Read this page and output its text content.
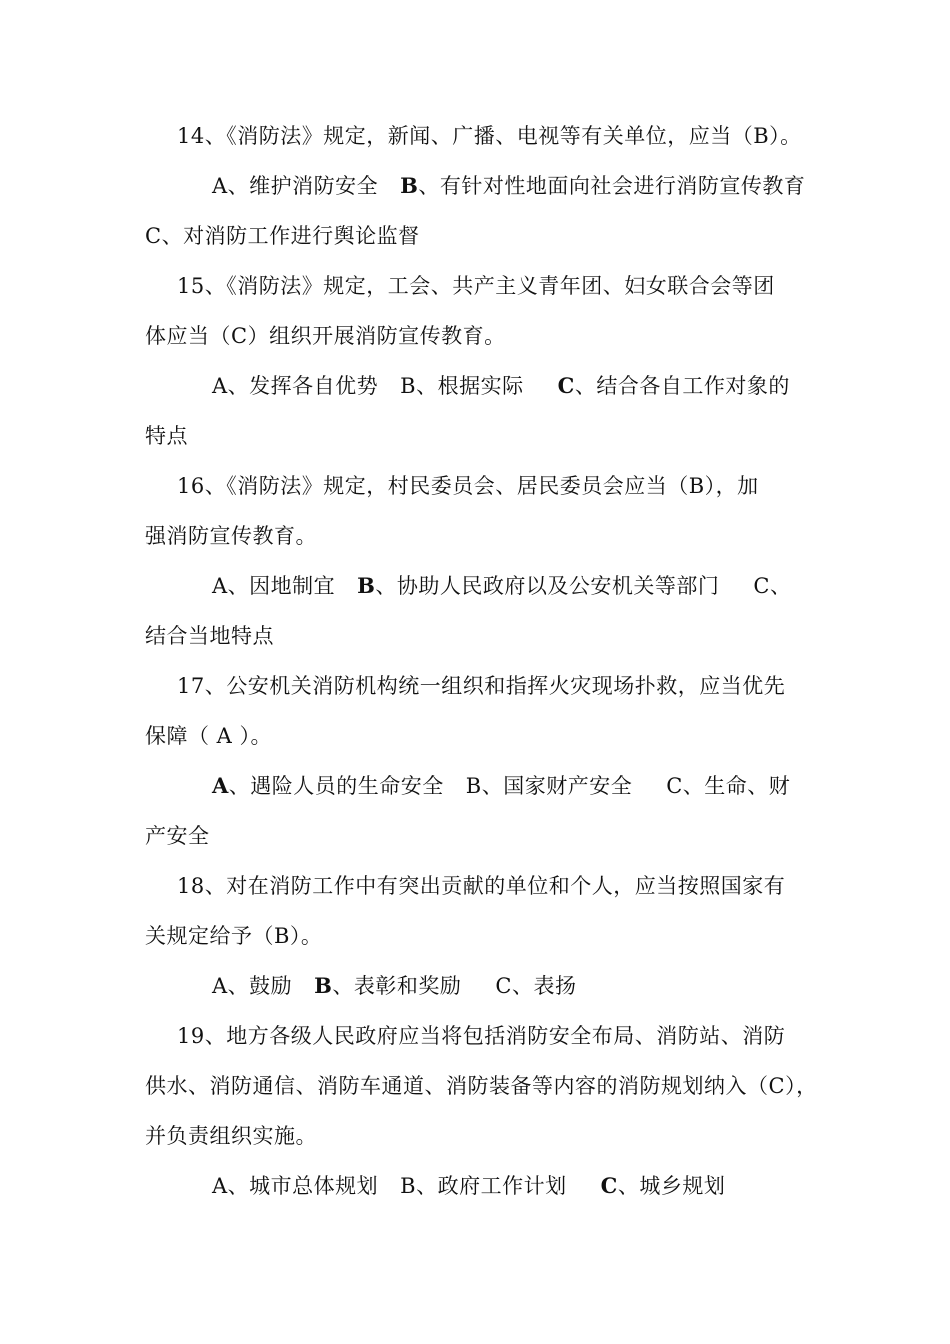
14、《消防法》规定，新闻、广播、电视等有关单位，应当（B）。
A、维护消防安全 B、有针对性地面向社会进行消防宣传教育
C、对消防工作进行舆论监督
15、《消防法》规定，工会、共产主义青年团、妇女联合会等团
体应当（C）组织开展消防宣传教育。
A、发挥各自优势 B、根据实际 C、结合各自工作对象的
特点
16、《消防法》规定，村民委员会、居民委员会应当（B），加
强消防宣传教育。
A、因地制宜 B、协助人民政府以及公安机关等部门 C、
结合当地特点
17、公安机关消防机构统一组织和指挥火灾现场扑救，应当优先
保障（ A ）。
A、遇险人员的生命安全 B、国家财产安全 C、生命、财
产安全
18、对在消防工作中有突出贡献的单位和个人，应当按照国家有
关规定给予（B）。
A、鼓励 B、表彰和奖励 C、表扬
19、地方各级人民政府应当将包括消防安全布局、消防站、消防
供水、消防通信、消防车通道、消防装备等内容的消防规划纳入（C），
并负责组织实施。
A、城市总体规划 B、政府工作计划 C、城乡规划
